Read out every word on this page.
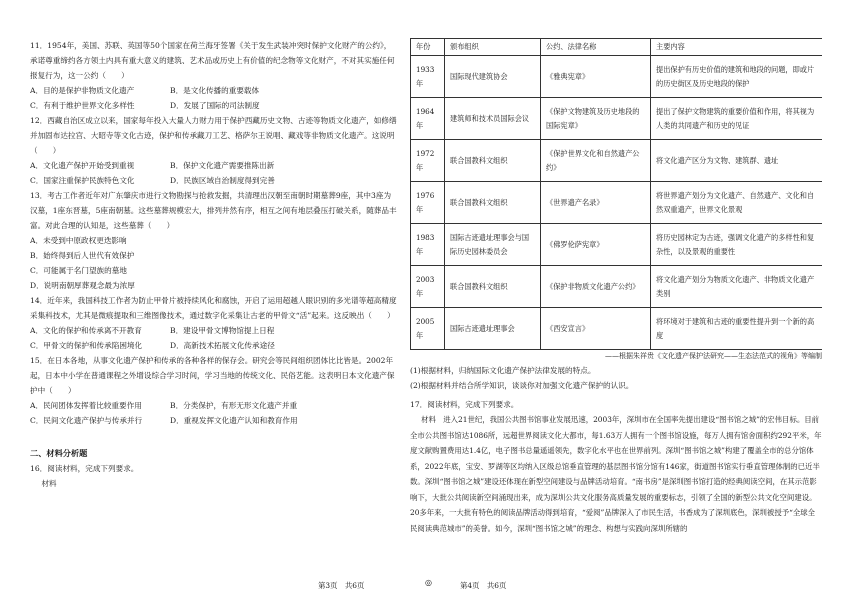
11．1954年，美国、苏联、英国等50个国家在荷兰海牙签署《关于发生武装冲突时保护文化财产的公约》，承诺尊重缔约各方领土内具有重大意义的建筑、艺术品或历史上有价值的纪念物等文化财产，不对其实施任何报复行为，这一公约（　　）

A．目的是保护非物质文化遗产	B．是文化传播的重要载体
C．有利于维护世界文化多样性	D．发展了国际的司法制度

12．西藏自治区成立以来，国家每年投入大量人力财力用于保护西藏历史文物、古迹等物质文化遗产，如修缮并加固布达拉宫、大昭寺等文化古迹，保护和传承藏刀工艺、格萨尔王说唱、藏戏等非物质文化遗产。这说明（　　）

A．文化遗产保护开始受到重视	B．保护文化遗产需要推陈出新
C．国家注重保护民族特色文化	D．民族区域自治制度得到完善

13．考古工作者近年对广东肇庆市进行文物勘探与抢救发掘，共清理出汉朝至南朝时期墓葬9座，其中3座为汉墓，1座东晋墓，5座南朝墓。这些墓葬规模宏大，排列井然有序，相互之间有地层叠压打破关系，随葬品丰富。对此合理的认知是，这些墓葬（　　）

A．未受到中原政权更迭影响
B．始终得到后人世代有效保护
C．可能属于名门望族的墓地
D．说明南朝厚葬观念最为浓厚

14．近年来，我国科技工作者为防止甲骨片被持续风化和腐蚀，开启了运用超越人眼识别的多光谱等超高精度采集科技术，尤其是微痕提取和三维图像技术，通过数字化采集让古老的甲骨文“活”起来。这反映出（　　）

A．文化的保护和传承离不开教育	B．建设甲骨文博物馆提上日程
C．甲骨文的保护和传承陷困境化	D．高新技术拓展文化传承途径

15．在日本各地，从事文化遗产保护和传承的各种各样的保存会。研究会等民间组织团体比比皆是。2002年起，日本中小学在普通课程之外增设综合学习时间，学习当地的传统文化、民俗艺能。这表明日本文化遗产保护中（　　）

A．民间团体发挥着比较重要作用	B．分类保护，有形无形文化遗产并重
C．民间文化遗产保护与传承并行	D．重视发挥文化遗产认知和教育作用
二、材料分析题

16．阅读材料，完成下列要求。

材料

年份	颁布组织	公约、法律名称	主要内容
1933年	国际现代建筑协会	《雅典宪章》	提出保护有历史价值的建筑和地段的问题，即或片的历史街区及历史地段的保护
1964年	建筑师和技术员国际会议	《保护文物建筑及历史地段的国际宪章》	提出了保护文物建筑的重要价值和作用，将其视为人类的共同遗产和历史的见证
1972年	联合国教科文组织	《保护世界文化和自然遗产公约》	将文化遗产区分为文物、建筑群、遗址
1976年	联合国教科文组织	《世界遗产名录》	将世界遗产划分为文化遗产、自然遗产、文化和自然双重遗产，世界文化景观
1983年	国际古迹遗址理事会与国际历史园林委员会	《佛罗伦萨宪章》	将历史园林定为古迹，强调文化遗产的多样性和复杂性，以及景观的重要性
2003年	联合国教科文组织	《保护非物质文化遗产公约》	将文化遗产划分为物质文化遗产、非物质文化遗产类别
2005年	国际古迹遗址理事会	《西安宣言》	将环境对于建筑和古迹的重要性提升到一个新的高度
——根据朱祥贵《文化遗产保护法研究——生态法范式的视角》等编制

(1)根据材料，归纳国际文化遗产保护法律发展的特点。

(2)根据材料并结合所学知识，谈谈你对加强文化遗产保护的认识。

17．阅读材料，完成下列要求。

材料　进入21世纪，我国公共图书馆事业发展迅速，2003年，深圳市在全国率先提出建设“图书馆之城”的宏伟目标。目前全市公共图书馆达1086所，远超世界阅读文化大都市，每1.63万人拥有一个图书馆设施，每万人拥有馆舍面积约292平米，年度文献购置费用达1.4亿，电子图书总量遥遥领先，数字化水平也在世界前列。深圳“图书馆之城”构建了覆盖全市的总分馆体系，2022年底，宝安、罗湖等区均纳入区级总馆垂直管理的基层图书馆分馆有146家，街道图书馆实行垂直管理体制的已近半数。深圳“图书馆之城”建设还体现在新型空间建设与品牌活动培育。“南书房”是深圳图书馆打造的经典阅读空间，在其示范影响下，大批公共阅读新空间涌现出来，成为深圳公共文化服务高质量发展的重要标志，引领了全国的新型公共文化空间建设。20多年来，一大批有特色的阅读品牌活动得到培育，“爱阅”品牌深入了市民生活，书香成为了深圳底色，深圳被授予“全球全民阅读典范城市”的美誉。如今，深圳“图书馆之城”的理念、构想与实践向深圳所辖的

第3页　共6页	◎	第4页　共6页
